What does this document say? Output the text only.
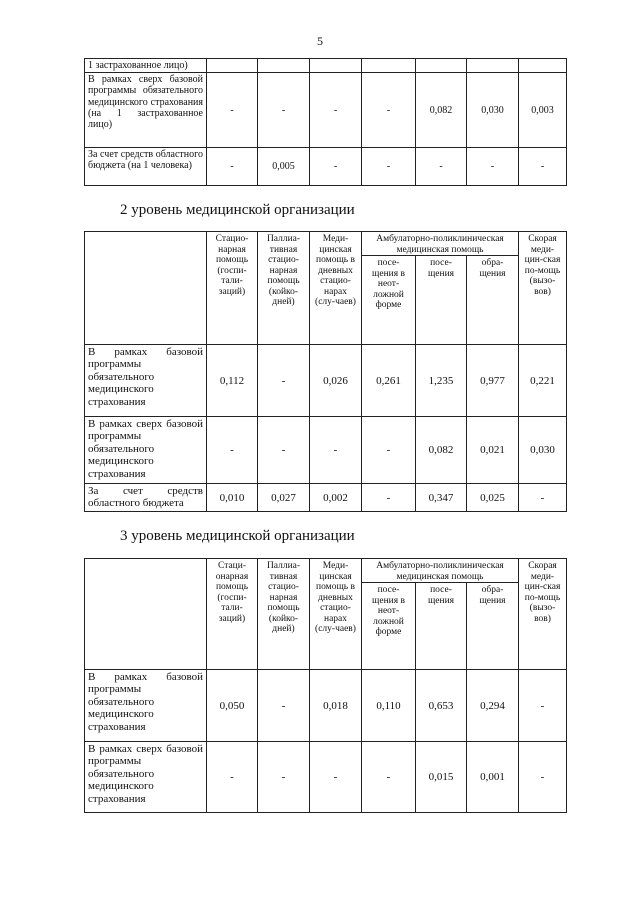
5
1 застрахованное лицо)							
В рамках сверх базовой программы обязательного медицинского страхования (на 1 застрахованное лицо)	-	-	-	-	0,082	0,030	0,003
За счет средств областного бюджета (на 1 человека)	-	0,005	-	-	-	-	-
2 уровень медицинской организации
	Стацио-нарная помощь (госпи-тали-заций)	Паллиа-тивная стацио-нарная помощь (койко-дней)	Меди-цинская помощь в дневных стацио-нарах (слу-чаев)	Амбулаторно-поликлиническая медицинская помощь			Скорая меди-цин-ская по-мощь (вызо-вов)
				посе-щения в неот-ложной форме	посе-щения	обра-щения	
В рамках базовой программы обязательного медицинского страхования	0,112	-	0,026	0,261	1,235	0,977	0,221
В рамках сверх базовой программы обязательного медицинского страхования	-	-	-	-	0,082	0,021	0,030
За счет средств областного бюджета	0,010	0,027	0,002	-	0,347	0,025	-
3 уровень медицинской организации
	Стаци-онарная помощь (госпи-тали-заций)	Паллиа-тивная стацио-нарная помощь (койко-дней)	Меди-цинская помощь в дневных стацио-нарах (слу-чаев)	Амбулаторно-поликлиническая медицинская помощь			Скорая меди-цин-ская по-мощь (вызо-вов)
				посе-щения в неот-ложной форме	посе-щения	обра-щения	
В рамках базовой программы обязательного медицинского страхования	0,050	-	0,018	0,110	0,653	0,294	-
В рамках сверх базовой программы обязательного медицинского страхования	-	-	-	-	0,015	0,001	-
